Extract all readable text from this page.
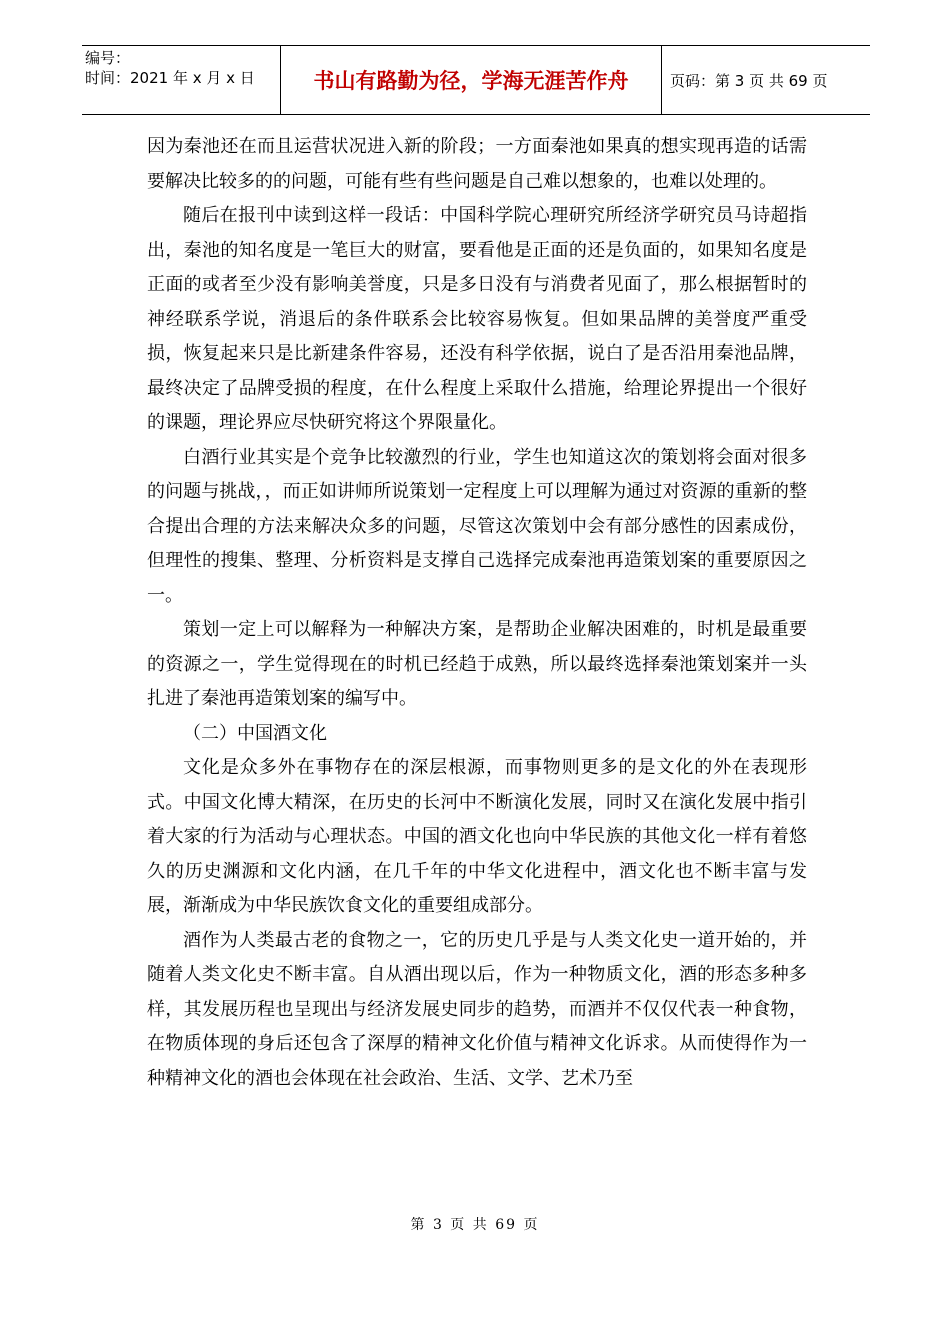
编号：
时间：2021 年 x 月 x 日	书山有路勤为径，学海无涯苦作舟	页码：第 3 页 共 69 页

因为秦池还在而且运营状况进入新的阶段；一方面秦池如果真的想实现再造的话需要解决比较多的的问题，可能有些有些问题是自己难以想象的，也难以处理的。

随后在报刊中读到这样一段话：中国科学院心理研究所经济学研究员马诗超指出，秦池的知名度是一笔巨大的财富，要看他是正面的还是负面的，如果知名度是正面的或者至少没有影响美誉度，只是多日没有与消费者见面了，那么根据暂时的神经联系学说，消退后的条件联系会比较容易恢复。但如果品牌的美誉度严重受损，恢复起来只是比新建条件容易，还没有科学依据，说白了是否沿用秦池品牌，最终决定了品牌受损的程度，在什么程度上采取什么措施，给理论界提出一个很好的课题，理论界应尽快研究将这个界限量化。

白酒行业其实是个竞争比较激烈的行业，学生也知道这次的策划将会面对很多的问题与挑战，，而正如讲师所说策划一定程度上可以理解为通过对资源的重新的整合提出合理的方法来解决众多的问题，尽管这次策划中会有部分感性的因素成份，但理性的搜集、整理、分析资料是支撑自己选择完成秦池再造策划案的重要原因之一。

策划一定上可以解释为一种解决方案，是帮助企业解决困难的，时机是最重要的资源之一，学生觉得现在的时机已经趋于成熟，所以最终选择秦池策划案并一头扎进了秦池再造策划案的编写中。

（二）中国酒文化

文化是众多外在事物存在的深层根源，而事物则更多的是文化的外在表现形式。中国文化博大精深，在历史的长河中不断演化发展，同时又在演化发展中指引着大家的行为活动与心理状态。中国的酒文化也向中华民族的其他文化一样有着悠久的历史渊源和文化内涵，在几千年的中华文化进程中，酒文化也不断丰富与发展，渐渐成为中华民族饮食文化的重要组成部分。

酒作为人类最古老的食物之一，它的历史几乎是与人类文化史一道开始的，并随着人类文化史不断丰富。自从酒出现以后，作为一种物质文化，酒的形态多种多样，其发展历程也呈现出与经济发展史同步的趋势，而酒并不仅仅代表一种食物，在物质体现的身后还包含了深厚的精神文化价值与精神文化诉求。从而使得作为一种精神文化的酒也会体现在社会政治、生活、文学、艺术乃至

第 3 页 共 69 页
